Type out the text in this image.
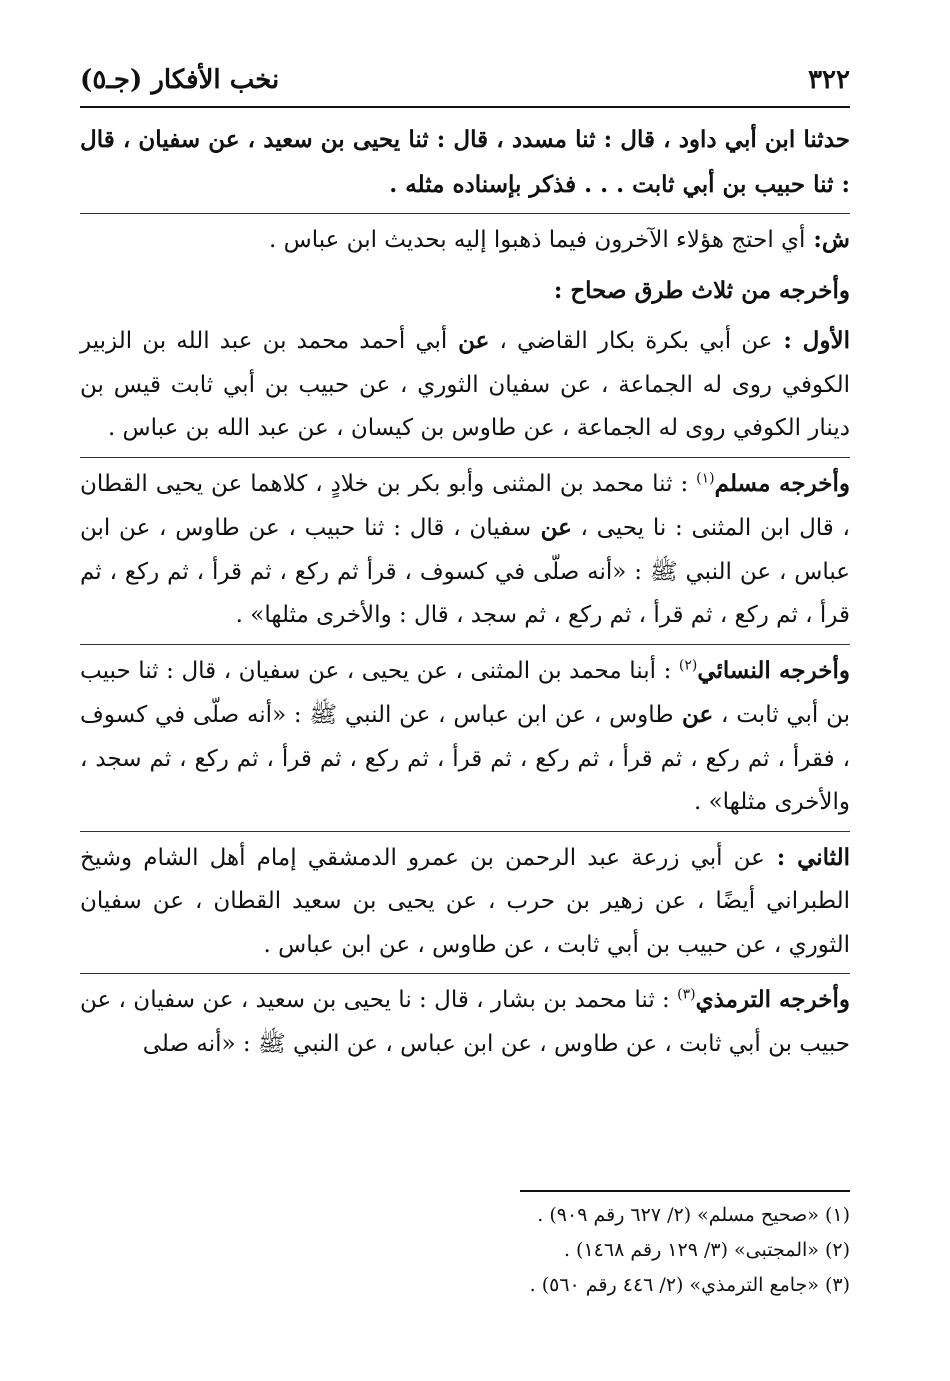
٣٢٢
نخب الأفكار (جـ٥)

حدثنا ابن أبي داود ، قال : ثنا مسدد ، قال : ثنا يحيى بن سعيد ، عن سفيان ، قال : ثنا حبيب بن أبي ثابت . . . فذكر بإسناده مثله .

ش: أي احتج هؤلاء الآخرون فيما ذهبوا إليه بحديث ابن عباس .

وأخرجه من ثلاث طرق صحاح :

الأول : عن أبي بكرة بكار القاضي ، عن أبي أحمد محمد بن عبد الله بن الزبير الكوفي روى له الجماعة ، عن سفيان الثوري ، عن حبيب بن أبي ثابت قيس بن دينار الكوفي روى له الجماعة ، عن طاوس بن كيسان ، عن عبد الله بن عباس .

وأخرجه مسلم$^{(١)}$ : ثنا محمد بن المثنى وأبو بكر بن خلادٍ ، كلاهما عن يحيى القطان ، قال ابن المثنى : نا يحيى ، عن سفيان ، قال : ثنا حبيب ، عن طاوس ، عن ابن عباس ، عن النبي ﷺ : «أنه صلّى في كسوف ، قرأ ثم ركع ، ثم قرأ ، ثم ركع ، ثم قرأ ، ثم ركع ، ثم قرأ ، ثم ركع ، ثم سجد ، قال : والأخرى مثلها» .

وأخرجه النسائي$^{(٢)}$ : أبنا محمد بن المثنى ، عن يحيى ، عن سفيان ، قال : ثنا حبيب بن أبي ثابت ، عن طاوس ، عن ابن عباس ، عن النبي ﷺ : «أنه صلّى في كسوف ، فقرأ ، ثم ركع ، ثم قرأ ، ثم ركع ، ثم قرأ ، ثم ركع ، ثم قرأ ، ثم ركع ، ثم سجد ، والأخرى مثلها» .

الثاني : عن أبي زرعة عبد الرحمن بن عمرو الدمشقي إمام أهل الشام وشيخ الطبراني أيضًا ، عن زهير بن حرب ، عن يحيى بن سعيد القطان ، عن سفيان الثوري ، عن حبيب بن أبي ثابت ، عن طاوس ، عن ابن عباس .

وأخرجه الترمذي$^{(٣)}$ : ثنا محمد بن بشار ، قال : نا يحيى بن سعيد ، عن سفيان ، عن حبيب بن أبي ثابت ، عن طاوس ، عن ابن عباس ، عن النبي ﷺ : «أنه صلى

(١) «صحيح مسلم» (٢/ ٦٢٧ رقم ٩٠٩) .

(٢) «المجتبى» (٣/ ١٢٩ رقم ١٤٦٨) .

(٣) «جامع الترمذي» (٢/ ٤٤٦ رقم ٥٦٠) .
